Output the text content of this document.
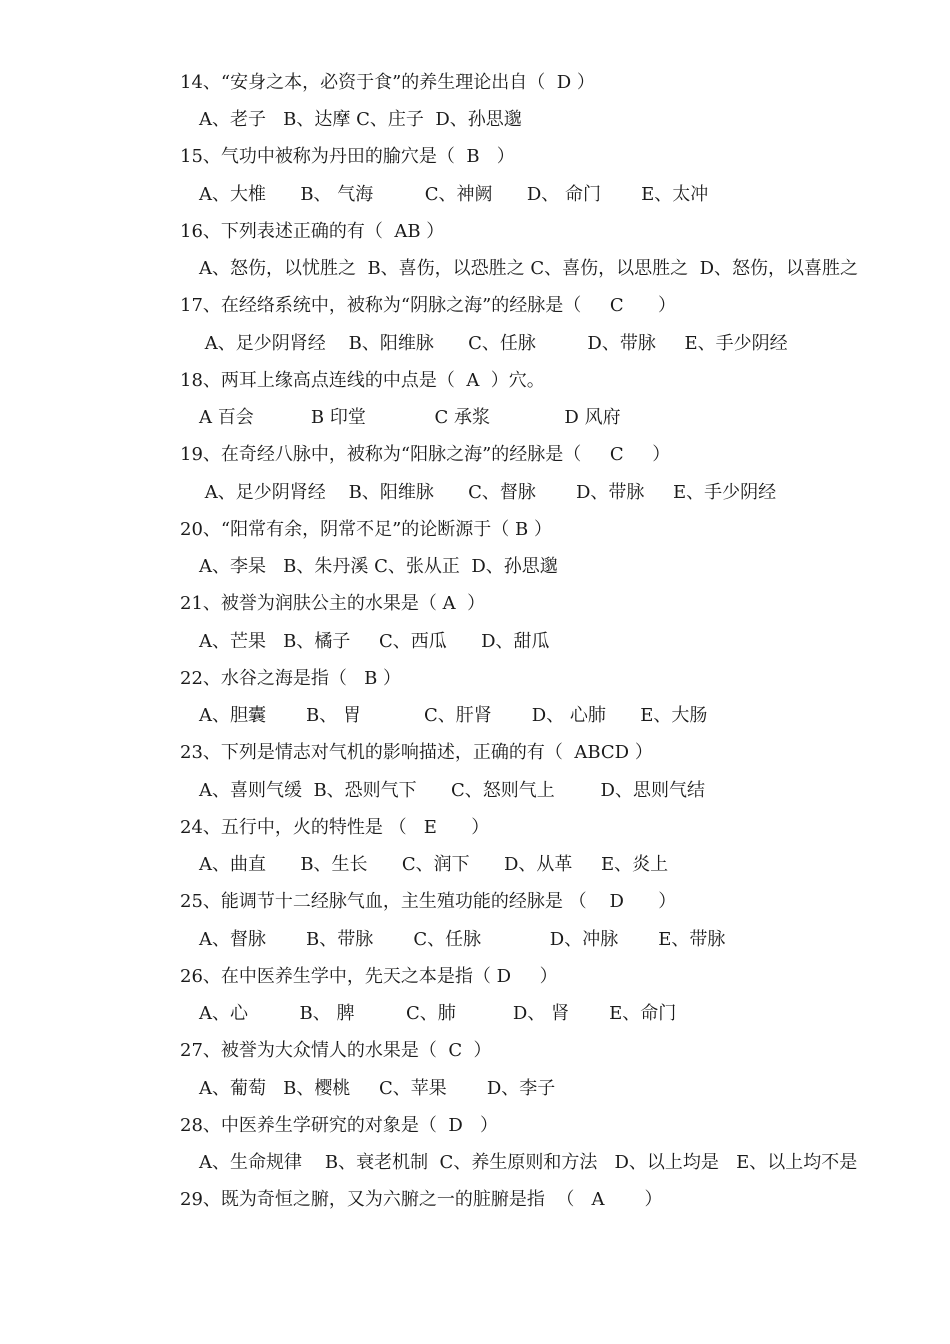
14、“安身之本，必资于食”的养生理论出自（  D ）
A、老子   B、达摩 C、庄子  D、孙思邈
15、气功中被称为丹田的腧穴是（  B   ）
A、大椎      B、 气海         C、神阙      D、 命门       E、太冲
16、下列表述正确的有（  AB ）
A、怒伤，以忧胜之  B、喜伤，以恐胜之 C、喜伤，以思胜之  D、怒伤，以喜胜之
17、在经络系统中，被称为“阴脉之海”的经脉是（     C      ）
A、足少阴肾经    B、阳维脉      C、任脉         D、带脉     E、手少阴经
18、两耳上缘高点连线的中点是（  A  ）穴。
A 百会          B 印堂            C 承浆             D 风府
19、在奇经八脉中，被称为“阳脉之海”的经脉是（     C     ）
A、足少阴肾经    B、阳维脉      C、督脉       D、带脉     E、手少阴经
20、“阳常有余，阴常不足”的论断源于（ B ）
A、李杲   B、朱丹溪 C、张从正  D、孙思邈
21、被誉为润肤公主的水果是（ A  ）
A、芒果   B、橘子     C、西瓜      D、甜瓜
22、水谷之海是指（   B ）
A、胆囊       B、 胃           C、肝肾       D、 心肺      E、大肠
23、下列是情志对气机的影响描述，正确的有（  ABCD ）
A、喜则气缓  B、恐则气下      C、怒则气上        D、思则气结
24、五行中，火的特性是 （   E      ）
A、曲直      B、生长      C、润下      D、从革     E、炎上
25、能调节十二经脉气血，主生殖功能的经脉是 （    D      ）
A、督脉       B、带脉       C、任脉            D、冲脉       E、带脉
26、在中医养生学中，先天之本是指（ D     ）
A、心         B、 脾         C、肺          D、 肾       E、命门
27、被誉为大众情人的水果是（  C  ）
A、葡萄   B、樱桃     C、苹果       D、李子
28、中医养生学研究的对象是（  D   ）
A、生命规律    B、衰老机制  C、养生原则和方法   D、以上均是   E、以上均不是
29、既为奇恒之腑，又为六腑之一的脏腑是指  （   A       ）
